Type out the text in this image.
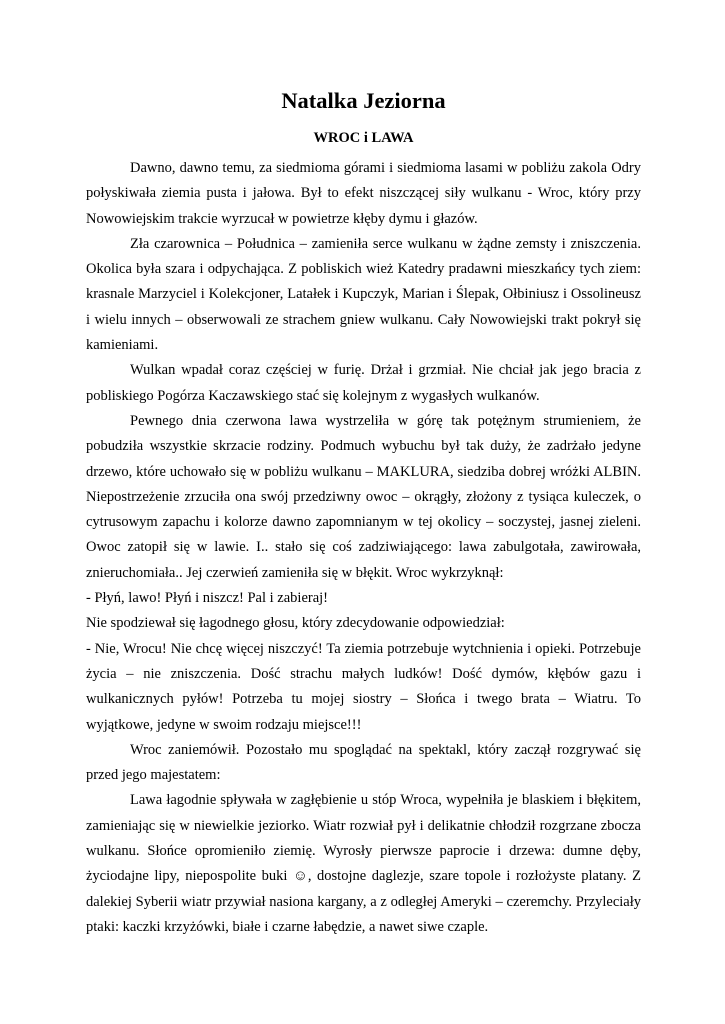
Natalka Jeziorna
WROC i LAWA

Dawno, dawno temu, za siedmioma górami i siedmioma lasami w pobliżu zakola Odry połyskiwała ziemia pusta i jałowa. Był to efekt niszczącej siły wulkanu - Wroc, który przy Nowowiejskim trakcie wyrzucał w powietrze kłęby dymu i głazów.

Zła czarownica – Południca – zamieniła serce wulkanu w żądne zemsty i zniszczenia. Okolica była szara i odpychająca. Z pobliskich wież Katedry pradawni mieszkańcy tych ziem: krasnale Marzyciel i Kolekcjoner, Latałek i Kupczyk, Marian i Ślepak, Ołbiniusz i Ossolineusz i wielu innych – obserwowali ze strachem gniew wulkanu. Cały Nowowiejski trakt pokrył się kamieniami.

Wulkan wpadał coraz częściej w furię. Drżał i grzmiał. Nie chciał jak jego bracia z pobliskiego Pogórza Kaczawskiego stać się kolejnym z wygasłych wulkanów.

Pewnego dnia czerwona lawa wystrzeliła w górę tak potężnym strumieniem, że pobudziła wszystkie skrzacie rodziny. Podmuch wybuchu był tak duży, że zadrżało jedyne drzewo, które uchowało się w pobliżu wulkanu – MAKLURA, siedziba dobrej wróżki ALBIN. Niepostrzeżenie zrzuciła ona swój przedziwny owoc – okrągły, złożony z tysiąca kuleczek, o cytrusowym zapachu i kolorze dawno zapomnianym w tej okolicy – soczystej, jasnej zieleni. Owoc zatopił się w lawie. I.. stało się coś zadziwiającego: lawa zabulgotała, zawirowała, znieruchomiała.. Jej czerwień zamieniła się w błękit. Wroc wykrzyknął:

- Płyń, lawo! Płyń i niszcz! Pal i zabieraj!

Nie spodziewał się łagodnego głosu, który zdecydowanie odpowiedział:

- Nie, Wrocu! Nie chcę więcej niszczyć! Ta ziemia potrzebuje wytchnienia i opieki. Potrzebuje życia – nie zniszczenia. Dość strachu małych ludków! Dość dymów, kłębów gazu i wulkanicznych pyłów! Potrzeba tu mojej siostry – Słońca i twego brata – Wiatru. To wyjątkowe, jedyne w swoim rodzaju miejsce!!!

Wroc zaniemówił. Pozostało mu spoglądać na spektakl, który zaczął rozgrywać się przed jego majestatem:

Lawa łagodnie spływała w zagłębienie u stóp Wroca, wypełniła je blaskiem i błękitem, zamieniając się w niewielkie jeziorko. Wiatr rozwiał pył i delikatnie chłodził rozgrzane zbocza wulkanu. Słońce opromieniło ziemię. Wyrosły pierwsze paprocie i drzewa: dumne dęby, życiodajne lipy, niepospolite buki ☺, dostojne daglezje, szare topole i rozłożyste platany. Z dalekiej Syberii wiatr przywiał nasiona kargany, a z odległej Ameryki – czeremchy. Przyleciały ptaki: kaczki krzyżówki, białe i czarne łabędzie, a nawet siwe czaple.
